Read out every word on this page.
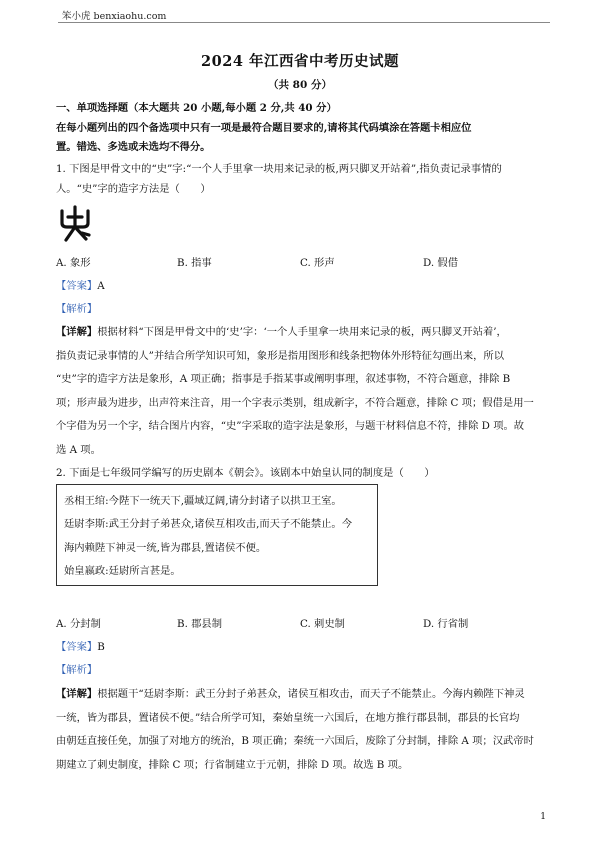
笨小虎 benxiaohu.com
2024 年江西省中考历史试题
（共 80 分）
一、单项选择题（本大题共 20 小题,每小题 2 分,共 40 分）
在每小题列出的四个备选项中只有一项是最符合题目要求的,请将其代码填涂在答题卡相应位
置。错选、多选或未选均不得分。
1. 下图是甲骨文中的“史”字:“一个人手里拿一块用来记录的板,两只脚叉开站着”,指负责记录事情的
人。“史”字的造字方法是（　　）
A. 象形	B. 指事	C. 形声	D. 假借
【答案】A
【解析】
【详解】根据材料“下图是甲骨文中的‘史’字：‘一个人手里拿一块用来记录的板，两只脚叉开站着’，
指负责记录事情的人”并结合所学知识可知，象形是指用图形和线条把物体外形特征勾画出来，所以
“史”字的造字方法是象形，A 项正确；指事是手指某事或阐明事理，叙述事物，不符合题意，排除 B
项；形声最为进步，出声符来注音，用一个字表示类别，组成新字，不符合题意，排除 C 项；假借是用一
个字借为另一个字，结合图片内容，“史”字采取的造字法是象形，与题干材料信息不符，排除 D 项。故
选 A 项。
2. 下面是七年级同学编写的历史剧本《朝会》。该剧本中始皇认同的制度是（　　）
丞相王绾:今陛下一统天下,疆域辽阔,请分封诸子以拱卫王室。
廷尉李斯:武王分封子弟甚众,诸侯互相攻击,而天子不能禁止。今
海内赖陛下神灵一统,皆为郡县,置诸侯不便。
始皇嬴政:廷尉所言甚是。
A. 分封制	B. 郡县制	C. 刺史制	D. 行省制
【答案】B
【解析】
【详解】根据题干“廷尉李斯：武王分封子弟甚众，诸侯互相攻击，而天子不能禁止。今海内赖陛下神灵
一统，皆为郡县，置诸侯不便。”结合所学可知，秦始皇统一六国后，在地方推行郡县制，郡县的长官均
由朝廷直接任免，加强了对地方的统治，B 项正确；秦统一六国后，废除了分封制，排除 A 项；汉武帝时
期建立了刺史制度，排除 C 项；行省制建立于元朝，排除 D 项。故选 B 项。
1
